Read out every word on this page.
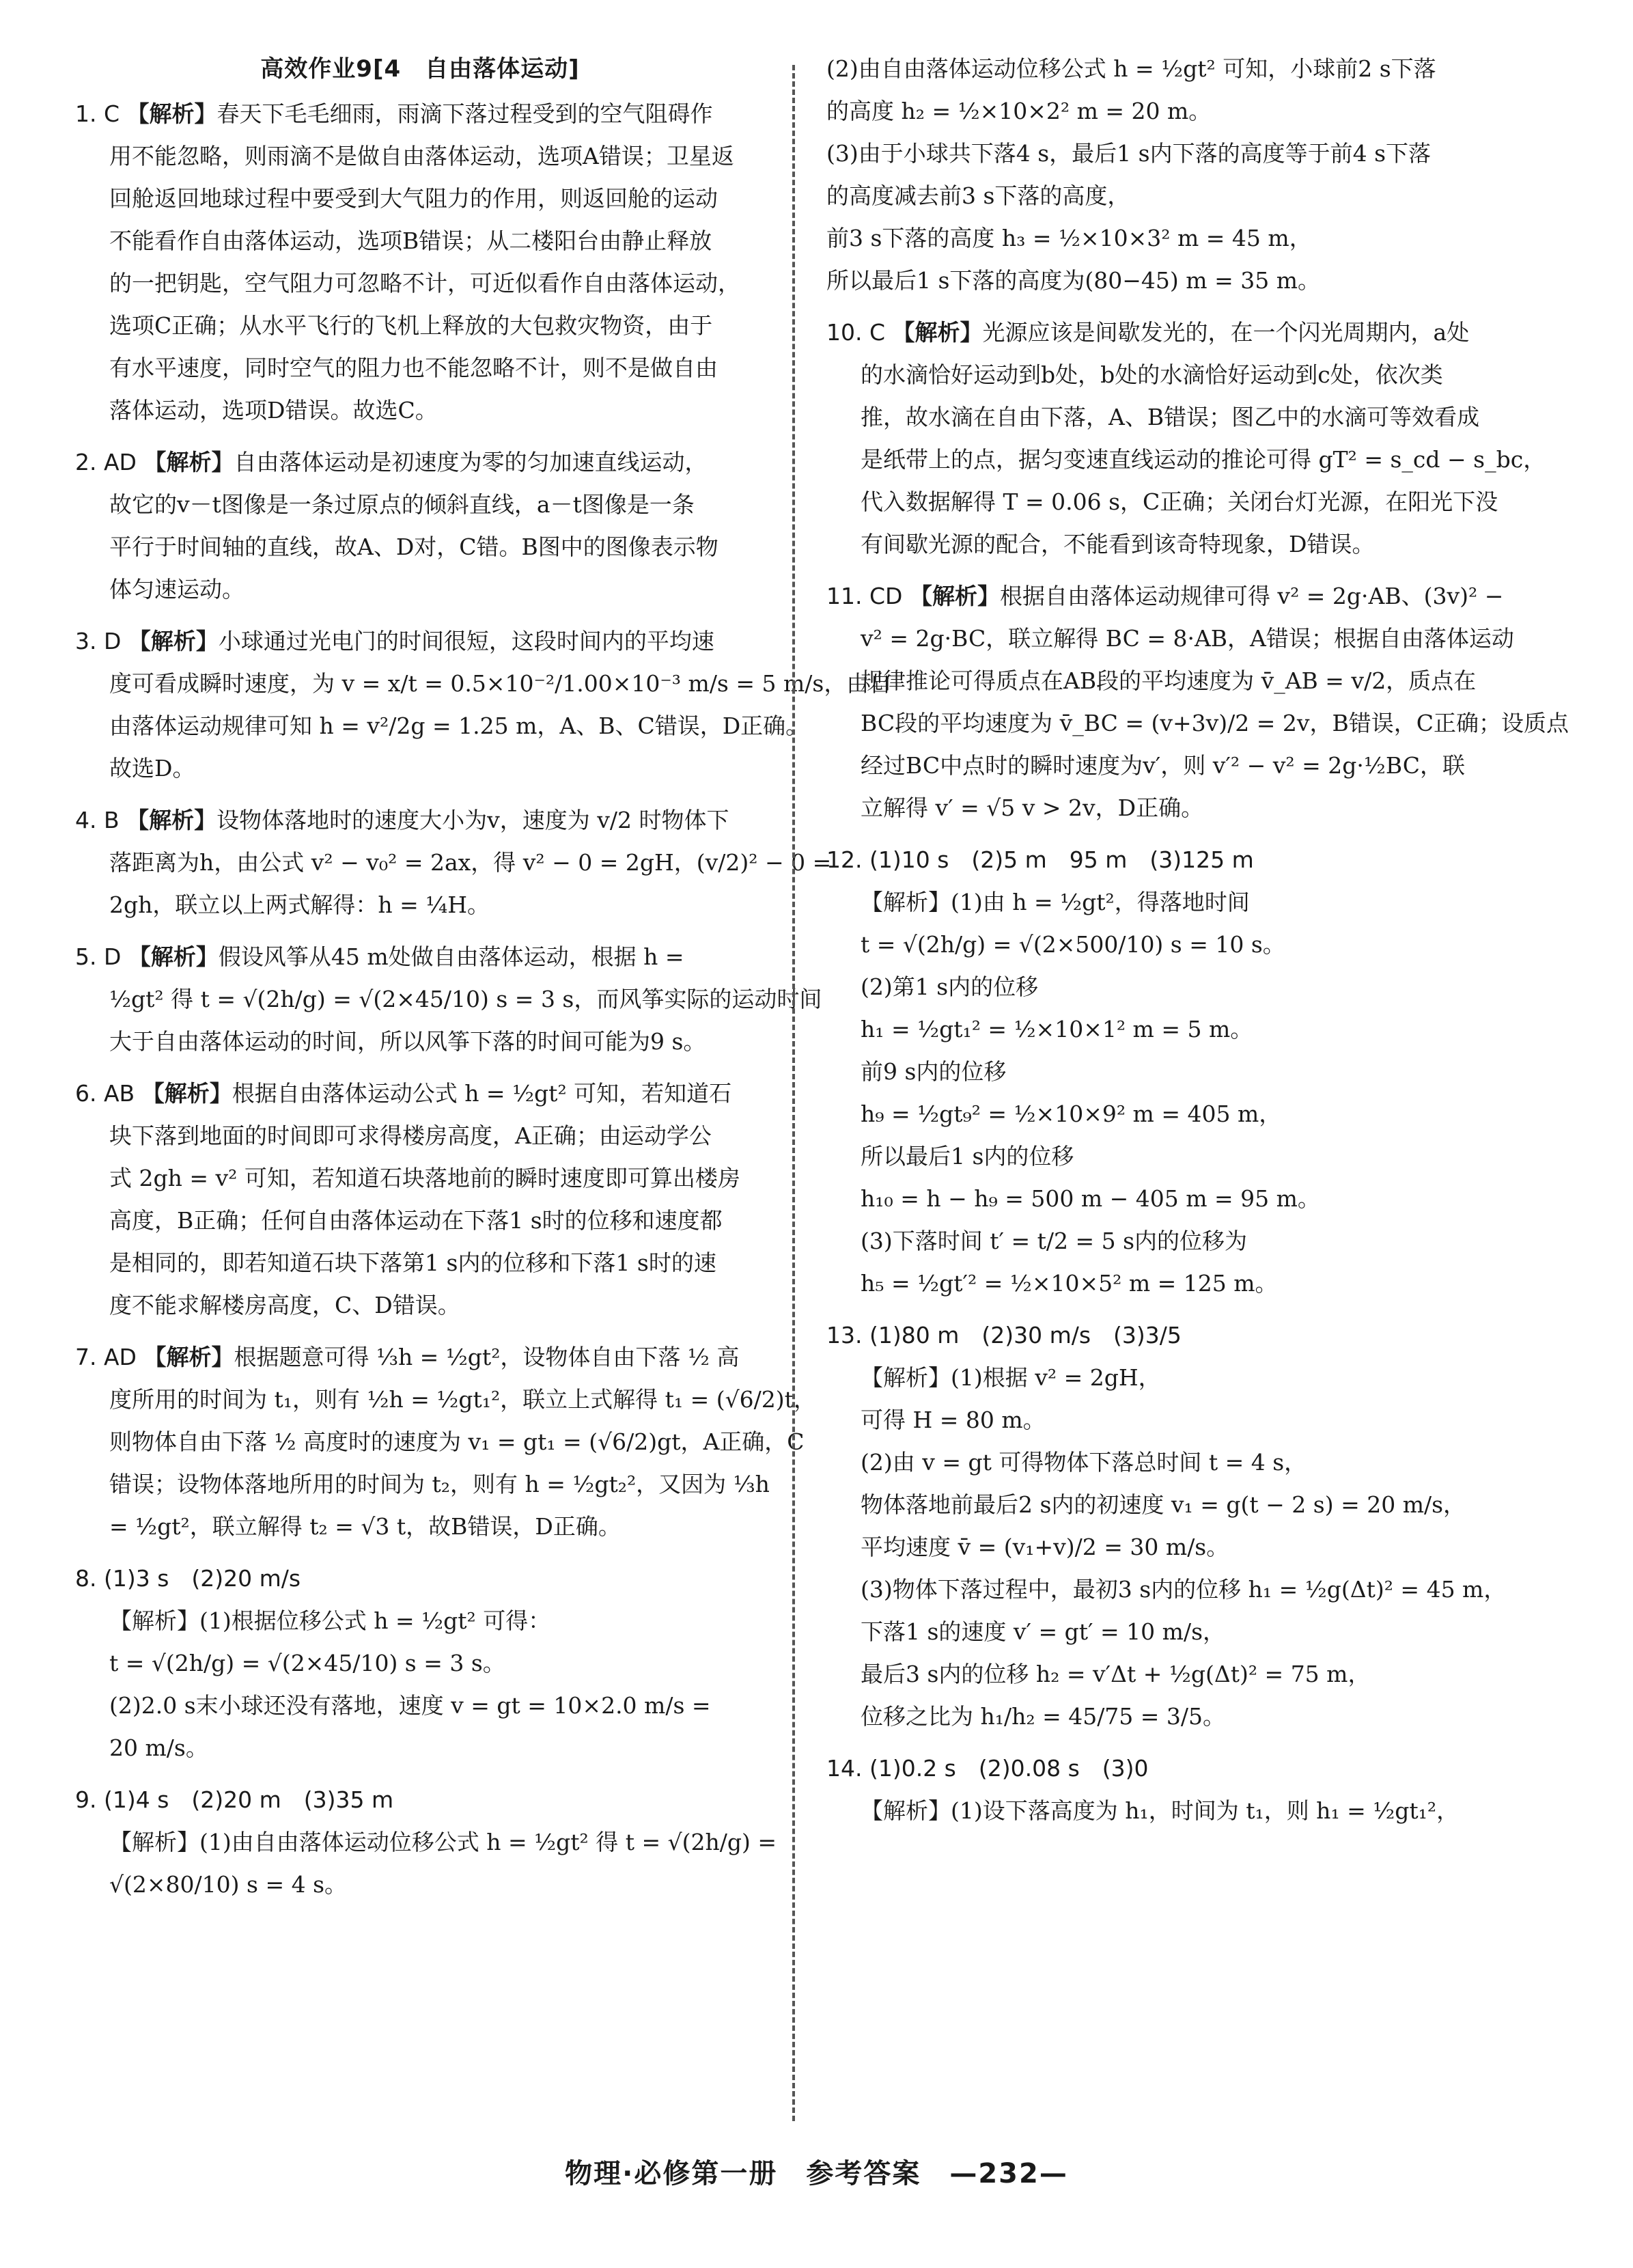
高效作业9[4　自由落体运动]
1. C 【解析】春天下毛毛细雨，雨滴下落过程受到的空气阻碍作
用不能忽略，则雨滴不是做自由落体运动，选项A错误；卫星返
回舱返回地球过程中要受到大气阻力的作用，则返回舱的运动
不能看作自由落体运动，选项B错误；从二楼阳台由静止释放
的一把钥匙，空气阻力可忽略不计，可近似看作自由落体运动，
选项C正确；从水平飞行的飞机上释放的大包救灾物资，由于
有水平速度，同时空气的阻力也不能忽略不计，则不是做自由
落体运动，选项D错误。故选C。
2. AD 【解析】自由落体运动是初速度为零的匀加速直线运动，
故它的v－t图像是一条过原点的倾斜直线，a－t图像是一条
平行于时间轴的直线，故A、D对，C错。B图中的图像表示物
体匀速运动。
3. D 【解析】小球通过光电门的时间很短，这段时间内的平均速
度可看成瞬时速度，为 v = x/t = 0.5×10⁻²/1.00×10⁻³ m/s = 5 m/s，由自
由落体运动规律可知 h = v²/2g = 1.25 m，A、B、C错误，D正确。
故选D。
4. B 【解析】设物体落地时的速度大小为v，速度为 v/2 时物体下
落距离为h，由公式 v² − v₀² = 2ax，得 v² − 0 = 2gH，(v/2)² − 0 =
2gh，联立以上两式解得：h = ¼H。
5. D 【解析】假设风筝从45 m处做自由落体运动，根据 h =
½gt² 得 t = √(2h/g) = √(2×45/10) s = 3 s，而风筝实际的运动时间
大于自由落体运动的时间，所以风筝下落的时间可能为9 s。
6. AB 【解析】根据自由落体运动公式 h = ½gt² 可知，若知道石
块下落到地面的时间即可求得楼房高度，A正确；由运动学公
式 2gh = v² 可知，若知道石块落地前的瞬时速度即可算出楼房
高度，B正确；任何自由落体运动在下落1 s时的位移和速度都
是相同的，即若知道石块下落第1 s内的位移和下落1 s时的速
度不能求解楼房高度，C、D错误。
7. AD 【解析】根据题意可得 ⅓h = ½gt²，设物体自由下落 ½ 高
度所用的时间为 t₁，则有 ½h = ½gt₁²，联立上式解得 t₁ = (√6/2)t，
则物体自由下落 ½ 高度时的速度为 v₁ = gt₁ = (√6/2)gt，A正确，C
错误；设物体落地所用的时间为 t₂，则有 h = ½gt₂²，又因为 ⅓h
= ½gt²，联立解得 t₂ = √3 t，故B错误，D正确。
8. (1)3 s　(2)20 m/s
【解析】(1)根据位移公式 h = ½gt² 可得：
t = √(2h/g) = √(2×45/10) s = 3 s。
(2)2.0 s末小球还没有落地，速度 v = gt = 10×2.0 m/s =
20 m/s。
9. (1)4 s　(2)20 m　(3)35 m
【解析】(1)由自由落体运动位移公式 h = ½gt² 得 t = √(2h/g) =
√(2×80/10) s = 4 s。
(2)由自由落体运动位移公式 h = ½gt² 可知，小球前2 s下落
的高度 h₂ = ½×10×2² m = 20 m。
(3)由于小球共下落4 s，最后1 s内下落的高度等于前4 s下落
的高度减去前3 s下落的高度，
前3 s下落的高度 h₃ = ½×10×3² m = 45 m，
所以最后1 s下落的高度为(80−45) m = 35 m。
10. C 【解析】光源应该是间歇发光的，在一个闪光周期内，a处
的水滴恰好运动到b处，b处的水滴恰好运动到c处，依次类
推，故水滴在自由下落，A、B错误；图乙中的水滴可等效看成
是纸带上的点，据匀变速直线运动的推论可得 gT² = s_cd − s_bc，
代入数据解得 T = 0.06 s，C正确；关闭台灯光源，在阳光下没
有间歇光源的配合，不能看到该奇特现象，D错误。
11. CD 【解析】根据自由落体运动规律可得 v² = 2g·AB、(3v)² −
v² = 2g·BC，联立解得 BC = 8·AB，A错误；根据自由落体运动
规律推论可得质点在AB段的平均速度为 v̄_AB = v/2，质点在
BC段的平均速度为 v̄_BC = (v+3v)/2 = 2v，B错误，C正确；设质点
经过BC中点时的瞬时速度为v′，则 v′² − v² = 2g·½BC，联
立解得 v′ = √5 v > 2v，D正确。
12. (1)10 s　(2)5 m　95 m　(3)125 m
【解析】(1)由 h = ½gt²，得落地时间
t = √(2h/g) = √(2×500/10) s = 10 s。
(2)第1 s内的位移
h₁ = ½gt₁² = ½×10×1² m = 5 m。
前9 s内的位移
h₉ = ½gt₉² = ½×10×9² m = 405 m，
所以最后1 s内的位移
h₁₀ = h − h₉ = 500 m − 405 m = 95 m。
(3)下落时间 t′ = t/2 = 5 s内的位移为
h₅ = ½gt′² = ½×10×5² m = 125 m。
13. (1)80 m　(2)30 m/s　(3)3/5
【解析】(1)根据 v² = 2gH，
可得 H = 80 m。
(2)由 v = gt 可得物体下落总时间 t = 4 s，
物体落地前最后2 s内的初速度 v₁ = g(t − 2 s) = 20 m/s，
平均速度 v̄ = (v₁+v)/2 = 30 m/s。
(3)物体下落过程中，最初3 s内的位移 h₁ = ½g(Δt)² = 45 m，
下落1 s的速度 v′ = gt′ = 10 m/s，
最后3 s内的位移 h₂ = v′Δt + ½g(Δt)² = 75 m，
位移之比为 h₁/h₂ = 45/75 = 3/5。
14. (1)0.2 s　(2)0.08 s　(3)0
【解析】(1)设下落高度为 h₁，时间为 t₁，则 h₁ = ½gt₁²，
物理·必修第一册　参考答案　—232—
